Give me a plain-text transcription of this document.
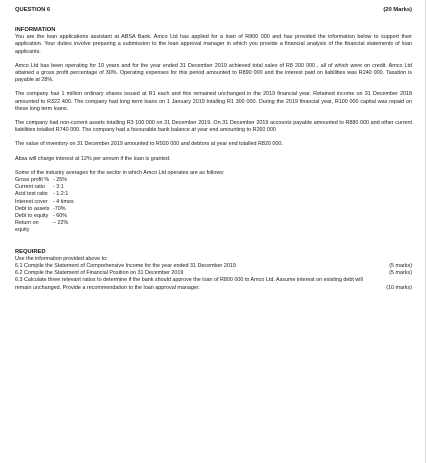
QUESTION 6	(20 Marks)
INFORMATION

You are the loan applications assistant at ABSA Bank. Amco Ltd has applied for a loan of R800 000 and has provided the information below to support their application. Your duties involve preparing a submission to the loan approval manager in which you provide a financial analysis of the financial statements of loan applicants.

Amco Ltd has been operating for 10 years and for the year ended 31 December 2019 achieved total sales of R8 200 000 , all of which were on credit. Amco Ltd attained a gross profit percentage of 30%. Operating expenses for this period amounted to R890 000 and the interest paid on liabilities was R240 000. Taxation is payable at 28%.

The company has 1 million ordinary shares issued at R1 each and this remained unchanged in the 2019 financial year. Retained income on 31 December 2018 amounted to R322 400. The company had long term loans on 1 January 2019 totalling R1 300 000. During the 2019 financial year, R100 000 capital was repaid on these long term loans.

The company had non-current assets totalling R3 100 000 on 31 December 2019. On 31 December 2019 accounts payable amounted to R880 000 and other current liabilities totalled R740 000. The company had a favourable bank balance at year end amounting to R260 000

The value of inventory on 31 December 2019 amounted to R920 000 and debtors at year end totalled R820 000.

Absa will charge interest at 12% per annum if the loan is granted.

Some of the industry averages for the sector in which Amco Ltd operates are as follows:
Gross profit % - 25%
Current ratio	- 3:1
Acid test ratio - 1.2:1
Interest cover - 4 times
Debt to assets -70%
Debt to equity - 60%
Return on equity
– 22%
REQUIRED
Use the information provided above to:
6.1 Compile the Statement of Comprehensive Income for the year ended 31 December 2019	(5 marks)
6.2 Compile the Statement of Financial Position on 31 December 2019	(5 marks)
6.3 Calculate three relevant ratios to determine if the bank should approve the loan of R800 000 to Amco Ltd. Assume interest on existing debt will remain unchanged. Provide a recommendation to the loan approval manager.	(10 marks)
